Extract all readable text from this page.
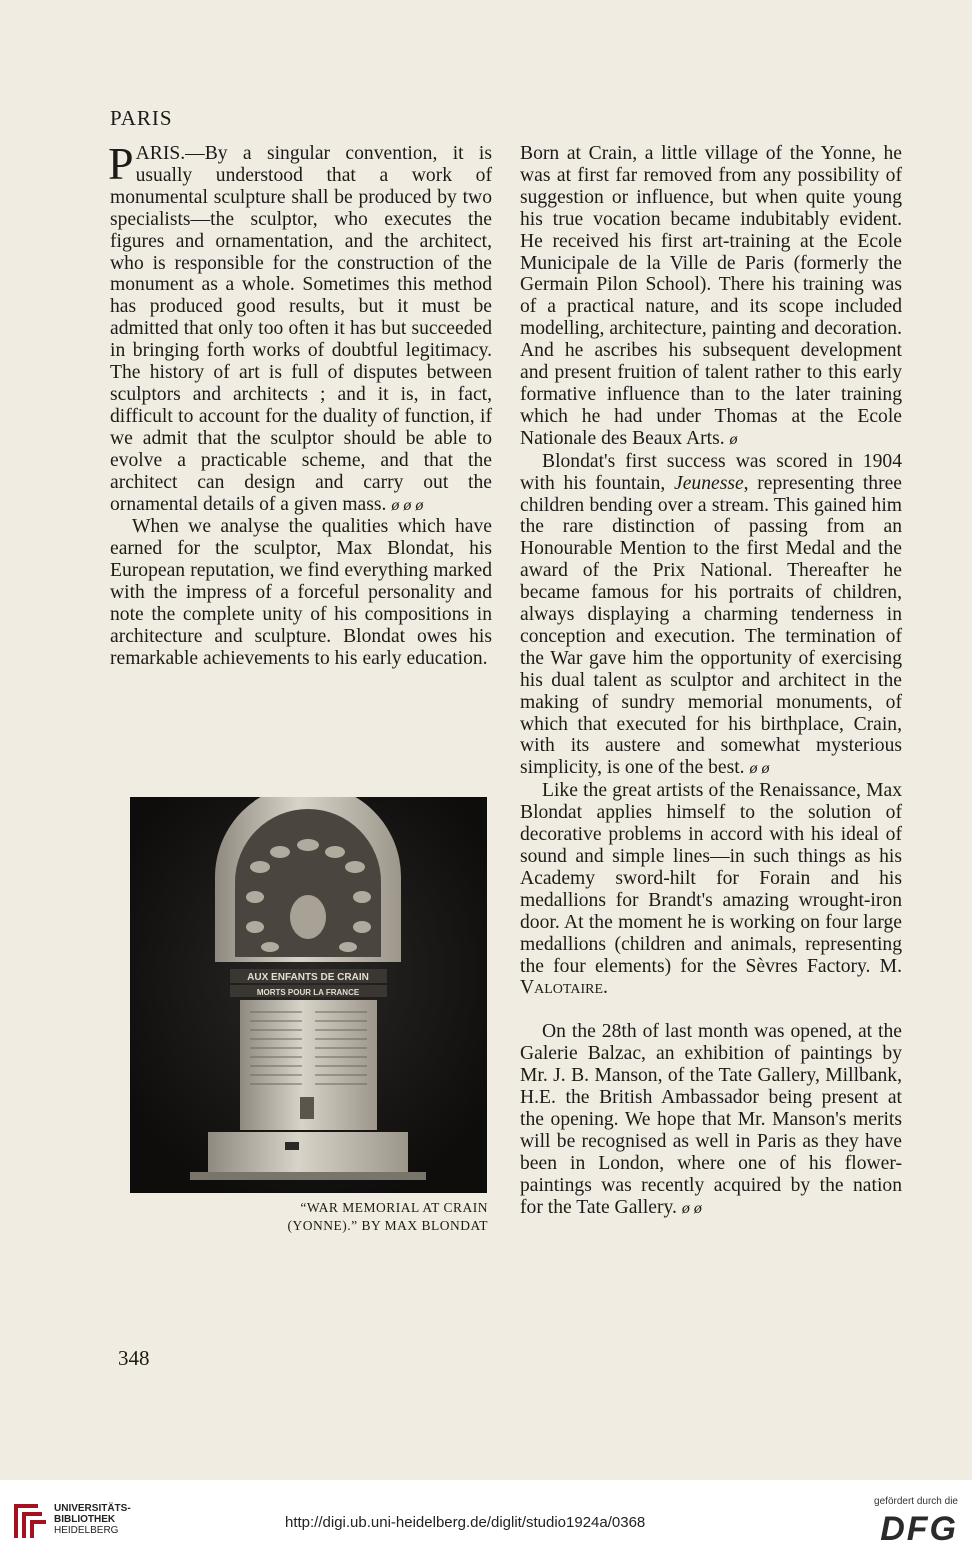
PARIS

PARIS.—By a singular convention, it is usually understood that a work of monumental sculpture shall be produced by two specialists—the sculptor, who executes the figures and ornamentation, and the architect, who is responsible for the construction of the monument as a whole. Sometimes this method has produced good results, but it must be admitted that only too often it has but succeeded in bringing forth works of doubtful legitimacy. The history of art is full of disputes between sculptors and architects ; and it is, in fact, difficult to account for the duality of function, if we admit that the sculptor should be able to evolve a practicable scheme, and that the architect can design and carry out the ornamental details of a given mass. ø ø ø

When we analyse the qualities which have earned for the sculptor, Max Blondat, his European reputation, we find everything marked with the impress of a forceful personality and note the complete unity of his compositions in architecture and sculpture. Blondat owes his remarkable achievements to his early education.

AUX ENFANTS DE CRAIN
MORTS POUR LA FRANCE
“WAR MEMORIAL AT CRAIN
(YONNE).” BY MAX BLONDAT

Born at Crain, a little village of the Yonne, he was at first far removed from any possibility of suggestion or influence, but when quite young his true vocation became indubitably evident. He received his first art-training at the Ecole Municipale de la Ville de Paris (formerly the Germain Pilon School). There his training was of a practical nature, and its scope included modelling, architecture, painting and decoration. And he ascribes his subsequent development and present fruition of talent rather to this early formative influence than to the later training which he had under Thomas at the Ecole Nationale des Beaux Arts. ø

Blondat's first success was scored in 1904 with his fountain, Jeunesse, representing three children bending over a stream. This gained him the rare distinction of passing from an Honourable Mention to the first Medal and the award of the Prix National. Thereafter he became famous for his portraits of children, always displaying a charming tenderness in conception and execution. The termination of the War gave him the opportunity of exercising his dual talent as sculptor and architect in the making of sundry memorial monuments, of which that executed for his birthplace, Crain, with its austere and somewhat mysterious simplicity, is one of the best. ø ø

Like the great artists of the Renaissance, Max Blondat applies himself to the solution of decorative problems in accord with his ideal of sound and simple lines—in such things as his Academy sword-hilt for Forain and his medallions for Brandt's amazing wrought-iron door. At the moment he is working on four large medallions (children and animals, representing the four elements) for the Sèvres Factory. M. Valotaire.

On the 28th of last month was opened, at the Galerie Balzac, an exhibition of paintings by Mr. J. B. Manson, of the Tate Gallery, Millbank, H.E. the British Ambassador being present at the opening. We hope that Mr. Manson's merits will be recognised as well in Paris as they have been in London, where one of his flower-paintings was recently acquired by the nation for the Tate Gallery. ø ø

348
UNIVERSITÄTS-
BIBLIOTHEK
HEIDELBERG	http://digi.ub.uni-heidelberg.de/diglit/studio1924a/0368
gefördert durch die
DFG
